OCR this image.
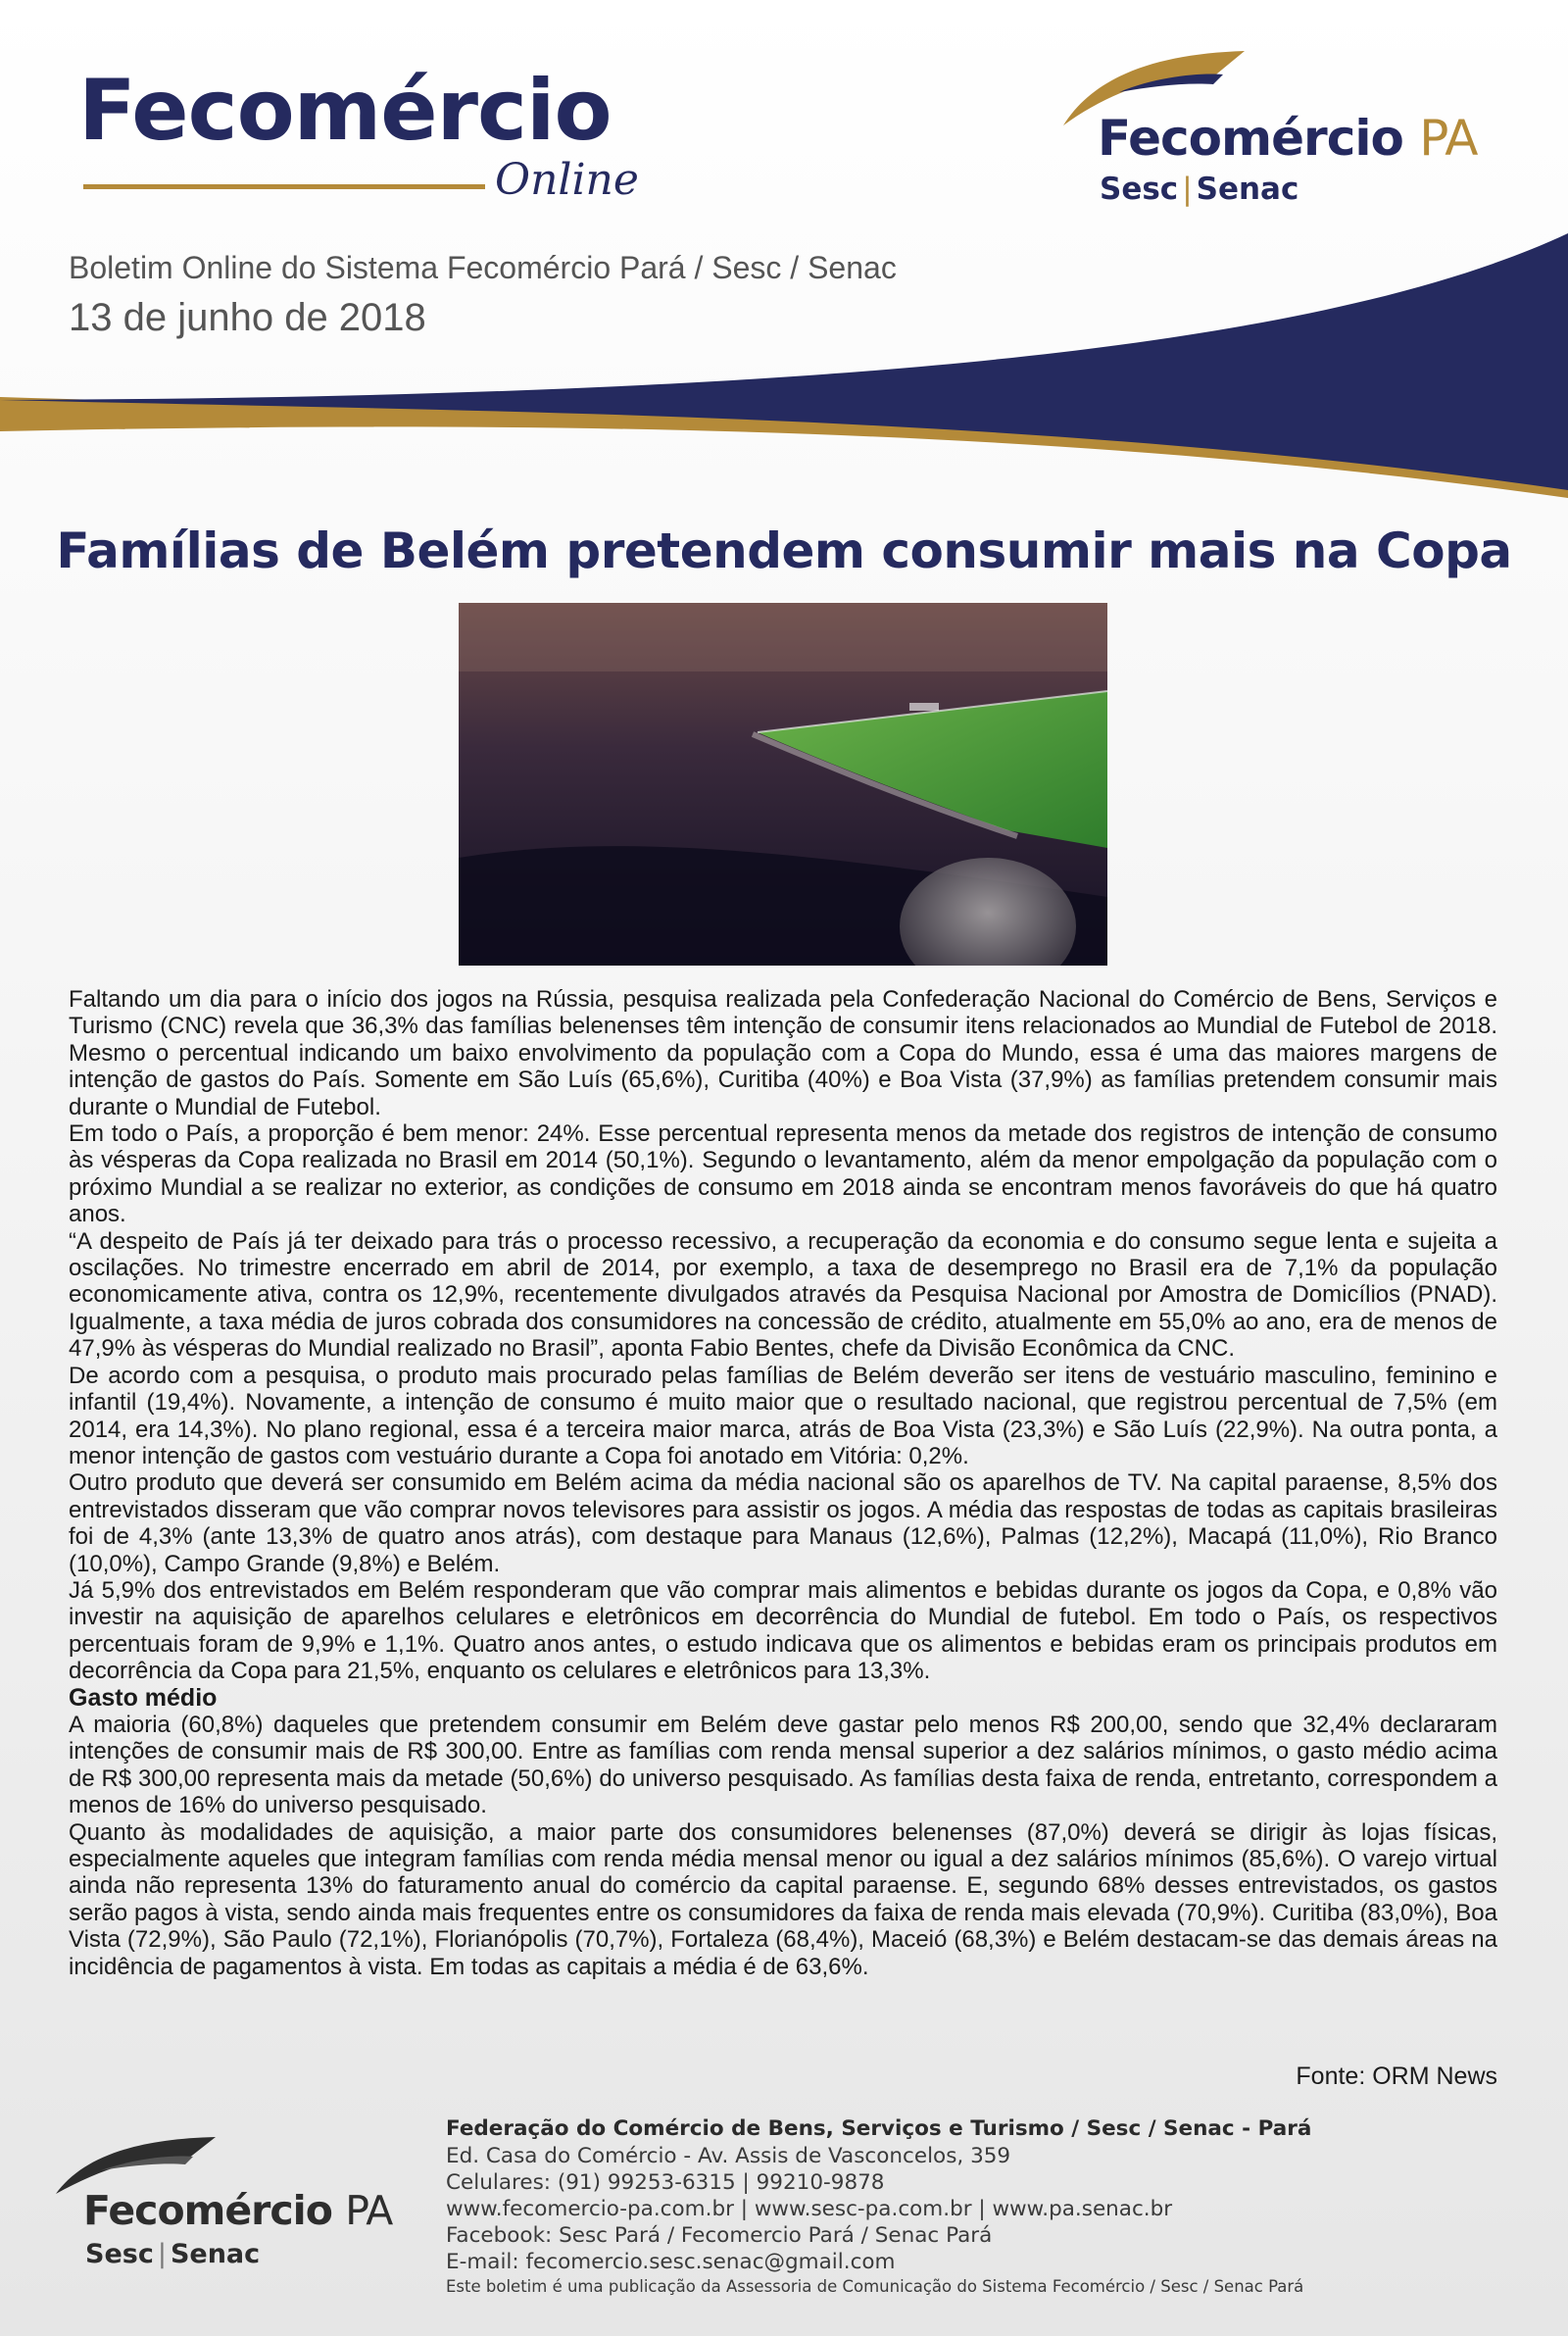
Fecomércio
Online
Boletim Online do Sistema Fecomércio Pará / Sesc / Senac
13 de junho de 2018
Fecomércio PA
Sesc | Senac
Famílias de Belém pretendem consumir mais na Copa

Faltando um dia para o início dos jogos na Rússia, pesquisa realizada pela Confederação Nacional do Comércio de Bens, Serviços e Turismo (CNC) revela que 36,3% das famílias belenenses têm intenção de consumir itens relacionados ao Mundial de Futebol de 2018. Mesmo o percentual indicando um baixo envolvimento da população com a Copa do Mundo, essa é uma das maiores margens de intenção de gastos do País. Somente em São Luís (65,6%), Curitiba (40%) e Boa Vista (37,9%) as famílias pretendem consumir mais durante o Mundial de Futebol.

Em todo o País, a proporção é bem menor: 24%. Esse percentual representa menos da metade dos registros de intenção de consumo às vésperas da Copa realizada no Brasil em 2014 (50,1%). Segundo o levantamento, além da menor empolgação da população com o próximo Mundial a se realizar no exterior, as condições de consumo em 2018 ainda se encontram menos favoráveis do que há quatro anos.

“A despeito de País já ter deixado para trás o processo recessivo, a recuperação da economia e do consumo segue lenta e sujeita a oscilações. No trimestre encerrado em abril de 2014, por exemplo, a taxa de desemprego no Brasil era de 7,1% da população economicamente ativa, contra os 12,9%, recentemente divulgados através da Pesquisa Nacional por Amostra de Domicílios (PNAD). Igualmente, a taxa média de juros cobrada dos consumidores na concessão de crédito, atualmente em 55,0% ao ano, era de menos de 47,9% às vésperas do Mundial realizado no Brasil”, aponta Fabio Bentes, chefe da Divisão Econômica da CNC.

De acordo com a pesquisa, o produto mais procurado pelas famílias de Belém deverão ser itens de vestuário masculino, feminino e infantil (19,4%). Novamente, a intenção de consumo é muito maior que o resultado nacional, que registrou percentual de 7,5% (em 2014, era 14,3%). No plano regional, essa é a terceira maior marca, atrás de Boa Vista (23,3%) e São Luís (22,9%). Na outra ponta, a menor intenção de gastos com vestuário durante a Copa foi anotado em Vitória: 0,2%.

Outro produto que deverá ser consumido em Belém acima da média nacional são os aparelhos de TV. Na capital paraense, 8,5% dos entrevistados disseram que vão comprar novos televisores para assistir os jogos. A média das respostas de todas as capitais brasileiras foi de 4,3% (ante 13,3% de quatro anos atrás), com destaque para Manaus (12,6%), Palmas (12,2%), Macapá (11,0%), Rio Branco (10,0%), Campo Grande (9,8%) e Belém.

Já 5,9% dos entrevistados em Belém responderam que vão comprar mais alimentos e bebidas durante os jogos da Copa, e 0,8% vão investir na aquisição de aparelhos celulares e eletrônicos em decorrência do Mundial de futebol. Em todo o País, os respectivos percentuais foram de 9,9% e 1,1%. Quatro anos antes, o estudo indicava que os alimentos e bebidas eram os principais produtos em decorrência da Copa para 21,5%, enquanto os celulares e eletrônicos para 13,3%.

Gasto médio

A maioria (60,8%) daqueles que pretendem consumir em Belém deve gastar pelo menos R$ 200,00, sendo que 32,4% declararam intenções de consumir mais de R$ 300,00. Entre as famílias com renda mensal superior a dez salários mínimos, o gasto médio acima de R$ 300,00 representa mais da metade (50,6%) do universo pesquisado. As famílias desta faixa de renda, entretanto, correspondem a menos de 16% do universo pesquisado.

Quanto às modalidades de aquisição, a maior parte dos consumidores belenenses (87,0%) deverá se dirigir às lojas físicas, especialmente aqueles que integram famílias com renda média mensal menor ou igual a dez salários mínimos (85,6%). O varejo virtual ainda não representa 13% do faturamento anual do comércio da capital paraense. E, segundo 68% desses entrevistados, os gastos serão pagos à vista, sendo ainda mais frequentes entre os consumidores da faixa de renda mais elevada (70,9%). Curitiba (83,0%), Boa Vista (72,9%), São Paulo (72,1%), Florianópolis (70,7%), Fortaleza (68,4%), Maceió (68,3%) e Belém destacam-se das demais áreas na incidência de pagamentos à vista. Em todas as capitais a média é de 63,6%.

Fonte: ORM News
Fecomércio PA
Sesc | Senac
Federação do Comércio de Bens, Serviços e Turismo / Sesc / Senac - Pará
Ed. Casa do Comércio - Av. Assis de Vasconcelos, 359
Celulares: (91) 99253-6315 | 99210-9878
www.fecomercio-pa.com.br | www.sesc-pa.com.br | www.pa.senac.br
Facebook: Sesc Pará / Fecomercio Pará / Senac Pará
E-mail: fecomercio.sesc.senac@gmail.com
Este boletim é uma publicação da Assessoria de Comunicação do Sistema Fecomércio / Sesc / Senac Pará
